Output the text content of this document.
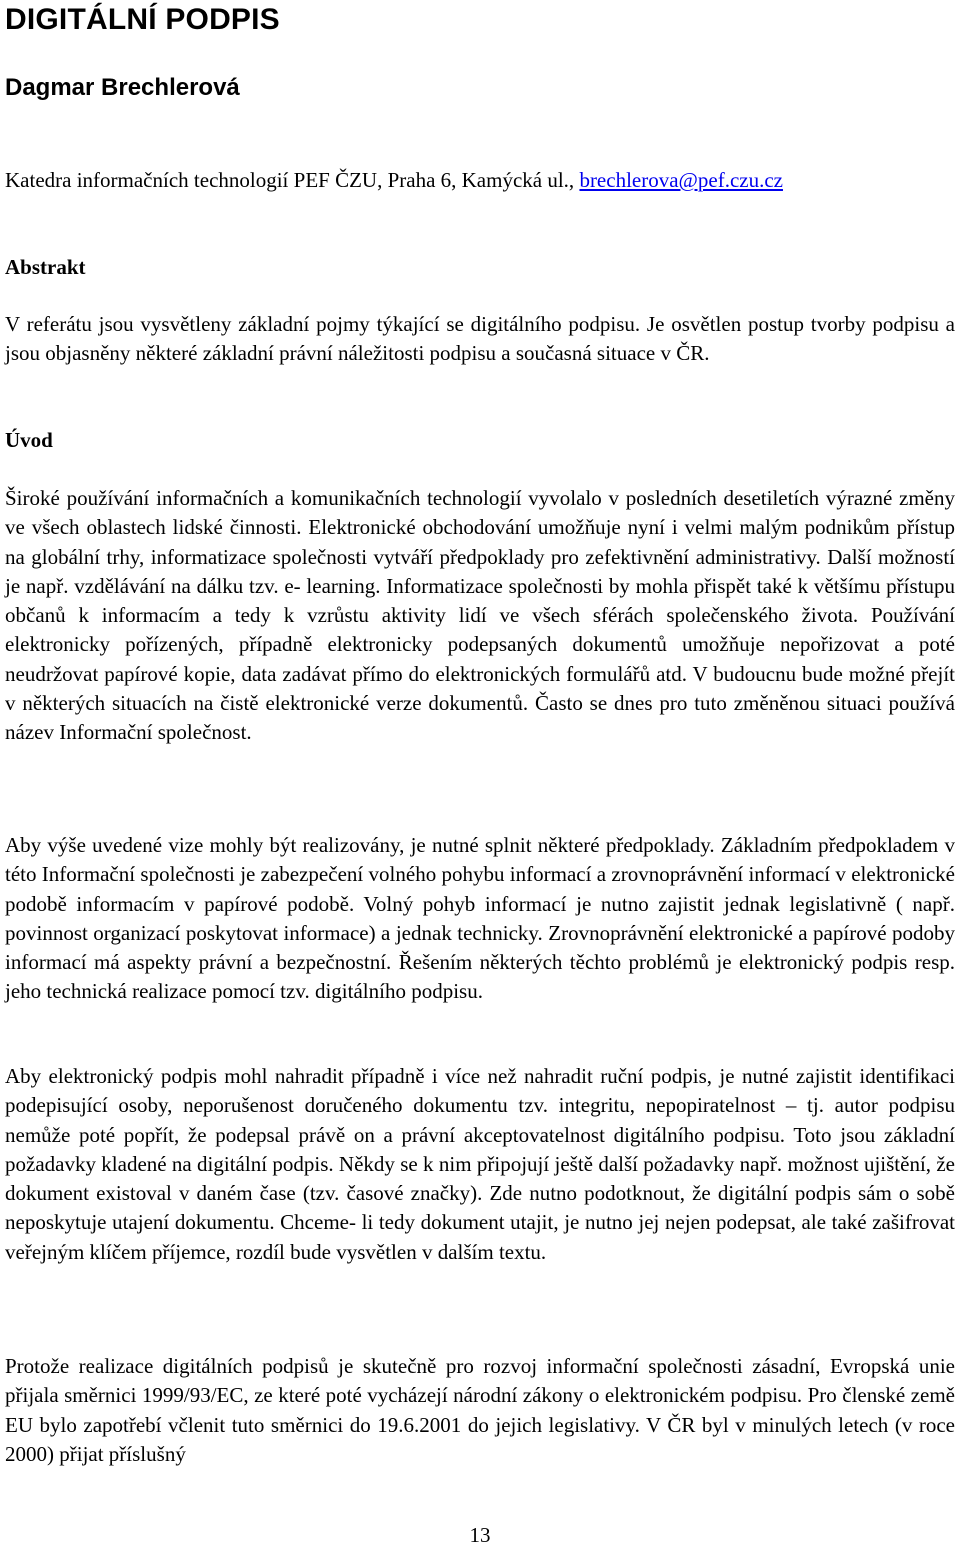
DIGITÁLNÍ PODPIS
Dagmar Brechlerová

Katedra informačních technologií PEF ČZU, Praha 6, Kamýcká ul., brechlerova@pef.czu.cz

Abstrakt

V referátu jsou vysvětleny základní pojmy týkající se digitálního podpisu. Je osvětlen postup tvorby podpisu a jsou objasněny některé základní právní náležitosti podpisu a současná situace v ČR.

Úvod

Široké používání informačních a komunikačních technologií vyvolalo v posledních desetiletích výrazné změny ve všech oblastech lidské činnosti. Elektronické obchodování umožňuje nyní i velmi malým podnikům přístup na globální trhy, informatizace společnosti vytváří předpoklady pro zefektivnění administrativy. Další možností je např. vzdělávání na dálku tzv. e- learning. Informatizace společnosti by mohla přispět také k většímu přístupu občanů k informacím a tedy k vzrůstu aktivity lidí ve všech sférách společenského života. Používání elektronicky pořízených, případně elektronicky podepsaných dokumentů umožňuje nepořizovat a poté neudržovat papírové kopie, data zadávat přímo do elektronických formulářů atd. V budoucnu bude možné přejít v některých situacích na čistě elektronické verze dokumentů. Často se dnes pro tuto změněnou situaci používá název Informační společnost.

Aby výše uvedené vize mohly být realizovány, je nutné splnit některé předpoklady. Základním předpokladem v této Informační společnosti je zabezpečení volného pohybu informací a zrovnoprávnění informací v elektronické podobě informacím v papírové podobě. Volný pohyb informací je nutno zajistit jednak legislativně ( např. povinnost organizací poskytovat informace) a jednak technicky. Zrovnoprávnění elektronické a papírové podoby informací má aspekty právní a bezpečnostní. Řešením některých těchto problémů je elektronický podpis resp. jeho technická realizace pomocí tzv. digitálního podpisu.

Aby elektronický podpis mohl nahradit případně i více než nahradit ruční podpis, je nutné zajistit identifikaci podepisující osoby, neporušenost doručeného dokumentu tzv. integritu, nepopiratelnost – tj. autor podpisu nemůže poté popřít, že podepsal právě on a právní akceptovatelnost digitálního podpisu. Toto jsou základní požadavky kladené na digitální podpis. Někdy se k nim připojují ještě další požadavky např. možnost ujištění, že dokument existoval v daném čase (tzv. časové značky). Zde nutno podotknout, že digitální podpis sám o sobě neposkytuje utajení dokumentu. Chceme- li tedy dokument utajit, je nutno jej nejen podepsat, ale také zašifrovat veřejným klíčem příjemce, rozdíl bude vysvětlen v dalším textu.

Protože realizace digitálních podpisů je skutečně pro rozvoj informační společnosti zásadní, Evropská unie přijala směrnici 1999/93/EC, ze které poté vycházejí národní zákony o elektronickém podpisu. Pro členské země EU bylo zapotřebí včlenit tuto směrnici do 19.6.2001 do jejich legislativy. V ČR byl v minulých letech (v roce 2000) přijat příslušný

13
